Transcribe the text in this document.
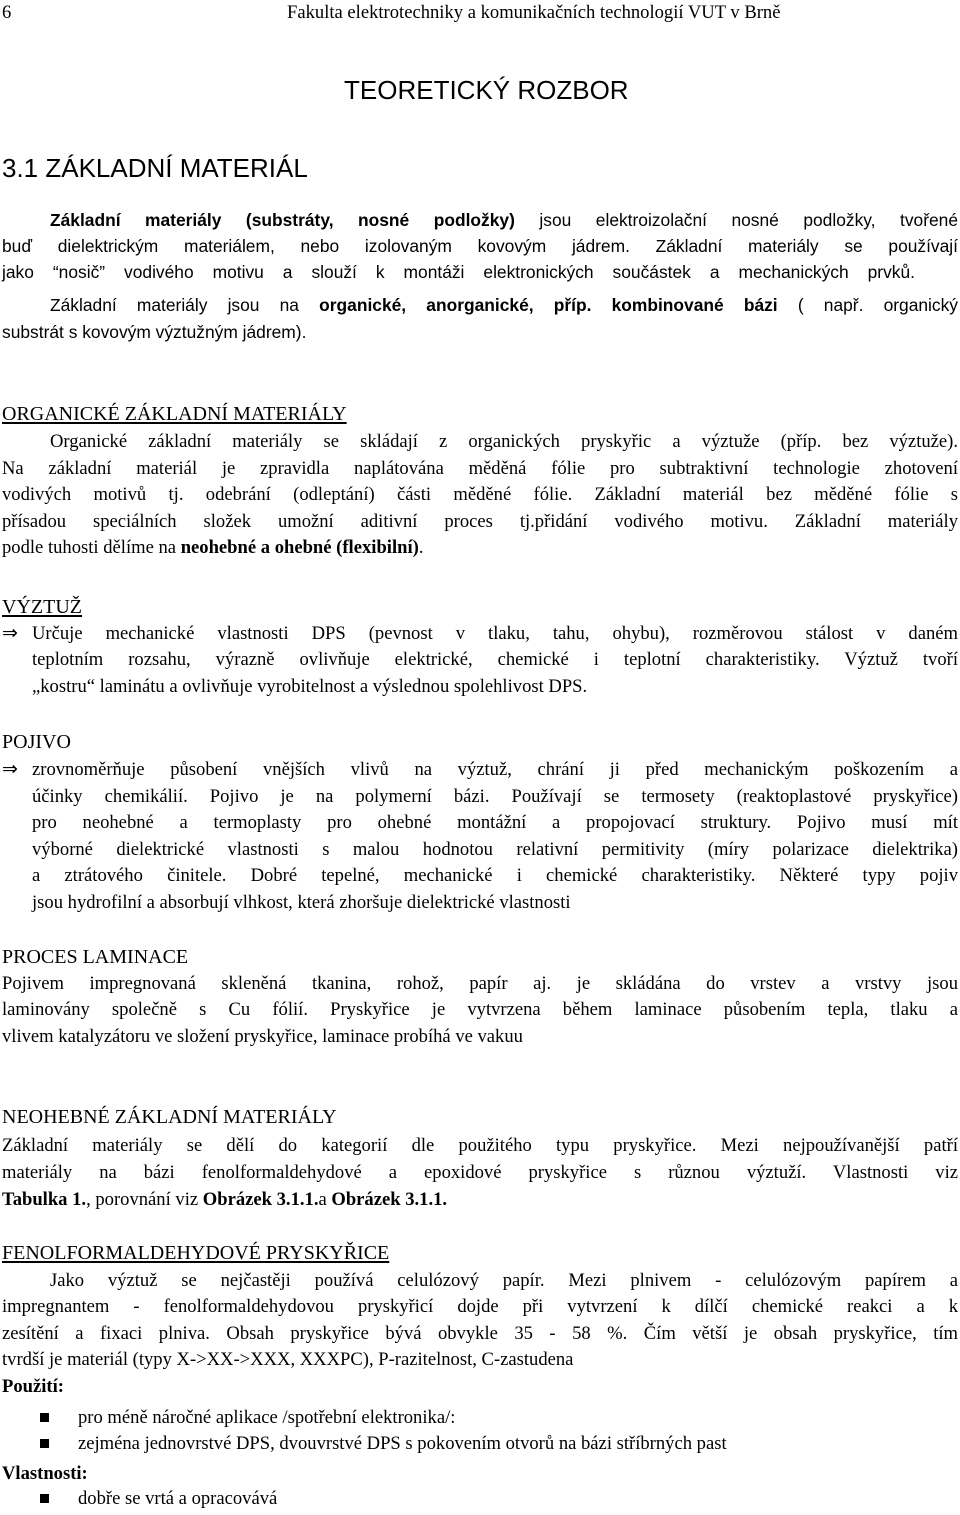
6	Fakulta elektrotechniky a komunikačních technologií VUT v Brně
TEORETICKÝ ROZBOR
3.1 ZÁKLADNÍ MATERIÁL
Základní materiály (substráty, nosné podložky) jsou elektroizolační nosné podložky, tvořené
buď dielektrickým materiálem, nebo izolovaným kovovým jádrem. Základní materiály se používají
jako “nosič” vodivého motivu a slouží k montáži elektronických součástek a mechanických prvků.
Základní materiály jsou na organické, anorganické, příp. kombinované bázi ( např. organický
substrát s kovovým výztužným jádrem).
ORGANICKÉ ZÁKLADNÍ MATERIÁLY
Organické základní materiály se skládají z organických pryskyřic a výztuže (příp. bez výztuže).
Na základní materiál je zpravidla naplátována měděná fólie pro subtraktivní technologie zhotovení
vodivých motivů tj. odebrání (odleptání) části měděné fólie. Základní materiál bez měděné fólie s
přísadou speciálních složek umožní aditivní proces tj.přidání vodivého motivu. Základní materiály
podle tuhosti dělíme na neohebné a ohebné (flexibilní).
VÝZTUŽ
⇒ Určuje mechanické vlastnosti DPS (pevnost v tlaku, tahu, ohybu), rozměrovou stálost v daném
teplotním rozsahu, výrazně ovlivňuje elektrické, chemické i teplotní charakteristiky. Výztuž tvoří
„kostru“ laminátu a ovlivňuje vyrobitelnost a výslednou spolehlivost DPS.
POJIVO
⇒ zrovnoměrňuje působení vnějších vlivů na výztuž, chrání ji před mechanickým poškozením a
účinky chemikálií. Pojivo je na polymerní bázi. Používají se termosety (reaktoplastové pryskyřice)
pro neohebné a termoplasty pro ohebné montážní a propojovací struktury. Pojivo musí mít
výborné dielektrické vlastnosti s malou hodnotou relativní permitivity (míry polarizace dielektrika)
a ztrátového činitele. Dobré tepelné, mechanické i chemické charakteristiky. Některé typy pojiv
jsou hydrofilní a absorbují vlhkost, která zhoršuje dielektrické vlastnosti
PROCES LAMINACE
Pojivem impregnovaná skleněná tkanina, rohož, papír aj. je skládána do vrstev a vrstvy jsou
laminovány společně s Cu fólií. Pryskyřice je vytvrzena během laminace působením tepla, tlaku a
vlivem katalyzátoru ve složení pryskyřice, laminace probíhá ve vakuu
NEOHEBNÉ ZÁKLADNÍ MATERIÁLY
Základní materiály se dělí do kategorií dle použitého typu pryskyřice. Mezi nejpoužívanější patří
materiály na bázi fenolformaldehydové a epoxidové pryskyřice s různou výztuží. Vlastnosti viz
Tabulka 1., porovnání viz Obrázek 3.1.1.a Obrázek 3.1.1.
FENOLFORMALDEHYDOVÉ PRYSKYŘICE
Jako výztuž se nejčastěji používá celulózový papír. Mezi plnivem - celulózovým papírem a
impregnantem - fenolformaldehydovou pryskyřicí dojde při vytvrzení k dílčí chemické reakci a k
zesítění a fixaci plniva. Obsah pryskyřice bývá obvykle 35 - 58 %. Čím větší je obsah pryskyřice, tím
tvrdší je materiál (typy X->XX->XXX, XXXPC), P-razitelnost, C-zastudena
Použití:
pro méně náročné aplikace /spotřební elektronika/:
zejména jednovrstvé DPS, dvouvrstvé DPS s pokovením otvorů na bázi stříbrných past
Vlastnosti:
dobře se vrtá a opracovává
